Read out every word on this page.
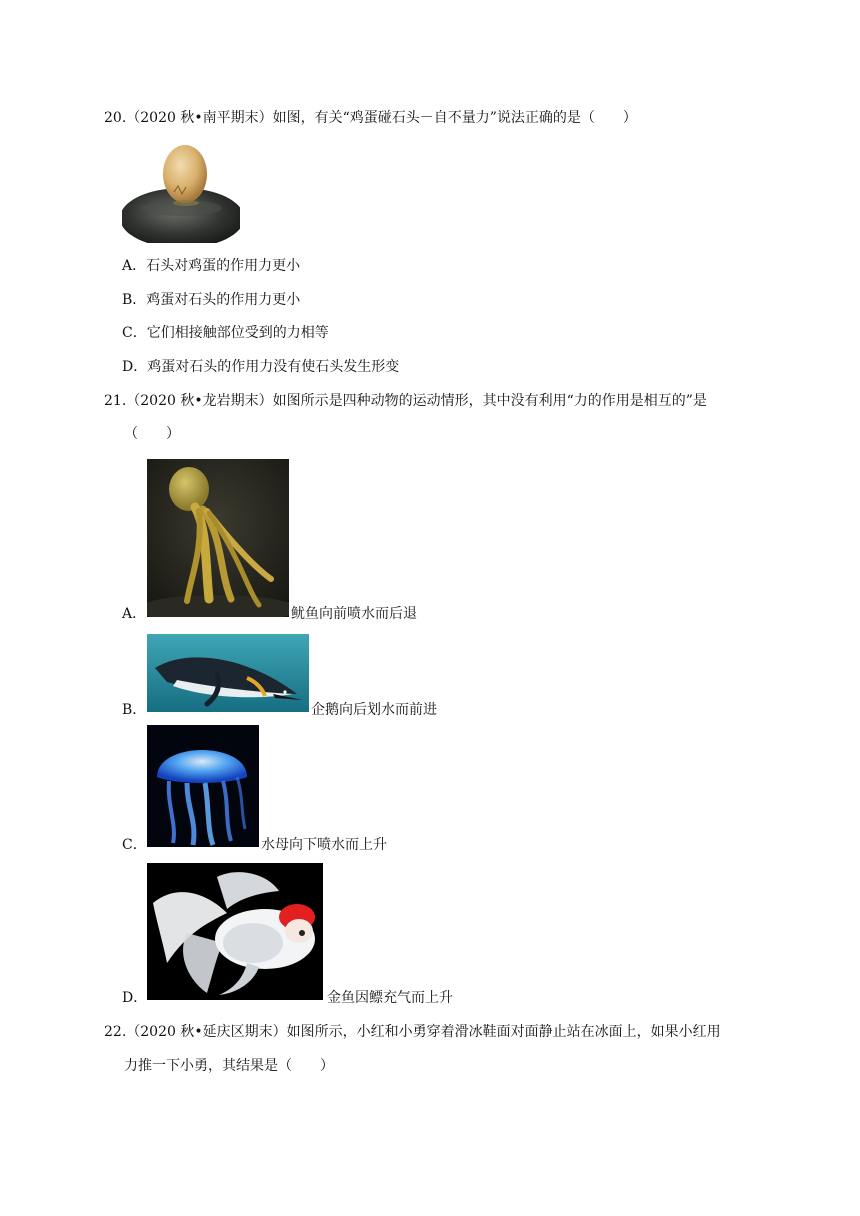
20.（2020 秋•南平期末）如图，有关“鸡蛋碰石头－自不量力”说法正确的是（　　）
A．石头对鸡蛋的作用力更小
B．鸡蛋对石头的作用力更小
C．它们相接触部位受到的力相等
D．鸡蛋对石头的作用力没有使石头发生形变
21.（2020 秋•龙岩期末）如图所示是四种动物的运动情形，其中没有利用“力的作用是相互的”是
（　　）
A．	鱿鱼向前喷水而后退
B．	企鹅向后划水而前进
C．	水母向下喷水而上升
D．	金鱼因鳔充气而上升
22.（2020 秋•延庆区期末）如图所示，小红和小勇穿着滑冰鞋面对面静止站在冰面上，如果小红用
力推一下小勇，其结果是（　　）
